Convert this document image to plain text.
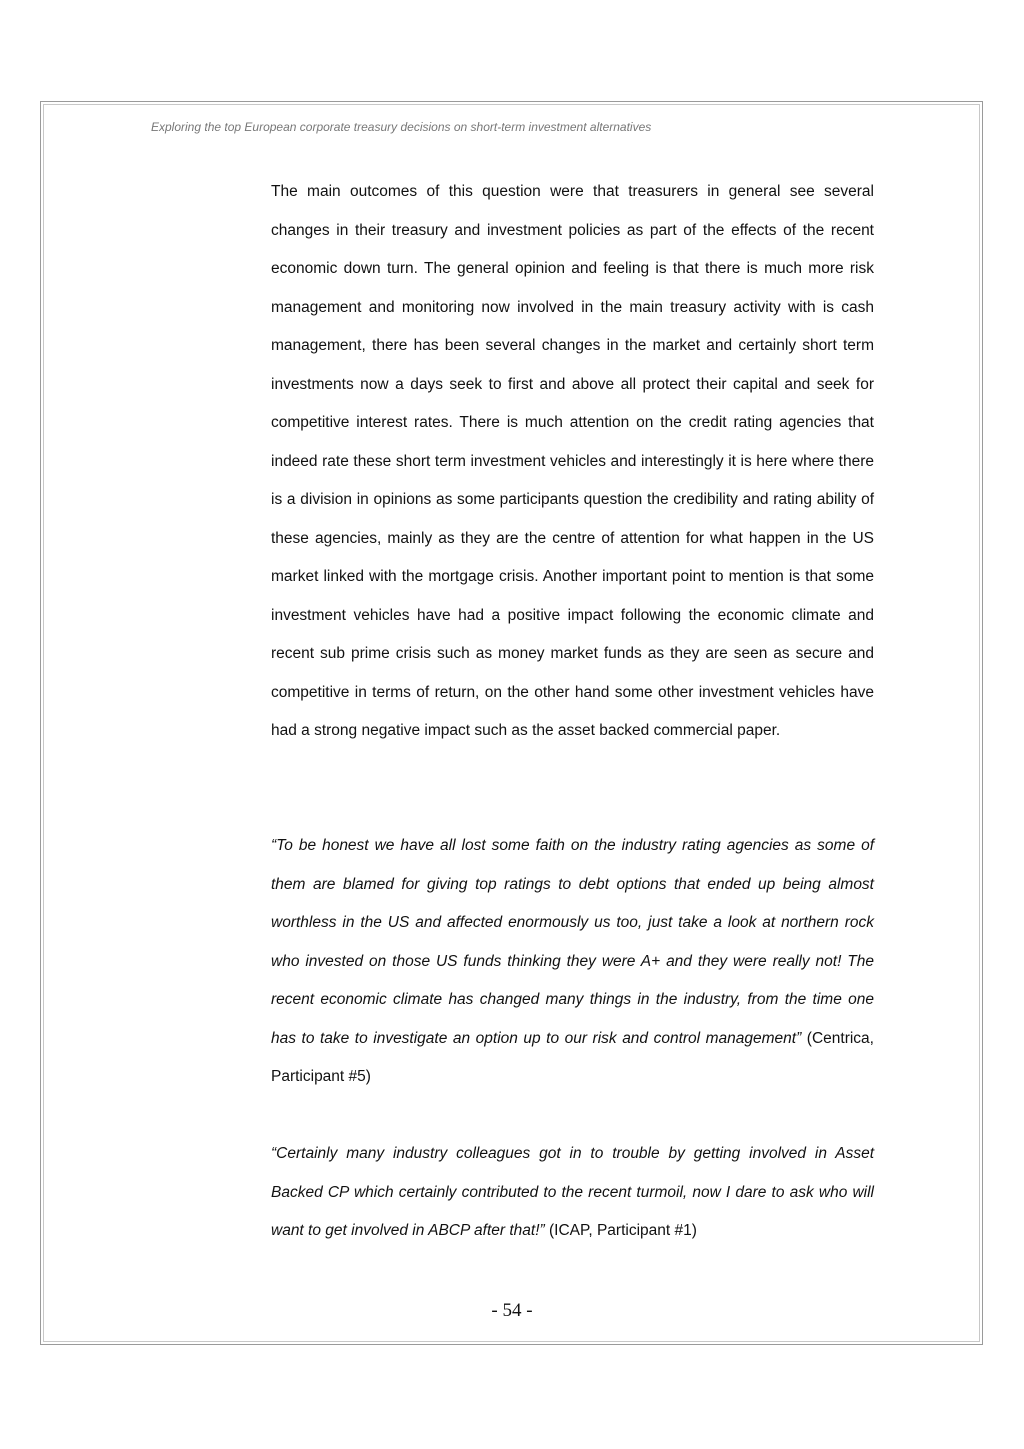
Exploring the top European corporate treasury decisions on short-term investment alternatives

The main outcomes of this question were that treasurers in general see several changes in their treasury and investment policies as part of the effects of the recent economic down turn. The general opinion and feeling is that there is much more risk management and monitoring now involved in the main treasury activity with is cash management, there has been several changes in the market and certainly short term investments now a days seek to first and above all protect their capital and seek for competitive interest rates. There is much attention on the credit rating agencies that indeed rate these short term investment vehicles and interestingly it is here where there is a division in opinions as some participants question the credibility and rating ability of these agencies, mainly as they are the centre of attention for what happen in the US market linked with the mortgage crisis. Another important point to mention is that some investment vehicles have had a positive impact following the economic climate and recent sub prime crisis such as money market funds as they are seen as secure and competitive in terms of return, on the other hand some other investment vehicles have had a strong negative impact such as the asset backed commercial paper.

“To be honest we have all lost some faith on the industry rating agencies as some of them are blamed for giving top ratings to debt options that ended up being almost worthless in the US and affected enormously us too, just take a look at northern rock who invested on those US funds thinking they were A+ and they were really not! The recent economic climate has changed many things in the industry, from the time one has to take to investigate an option up to our risk and control management” (Centrica, Participant #5)

“Certainly many industry colleagues got in to trouble by getting involved in Asset Backed CP which certainly contributed to the recent turmoil, now I dare to ask who will want to get involved in ABCP after that!” (ICAP, Participant #1)

- 54 -
